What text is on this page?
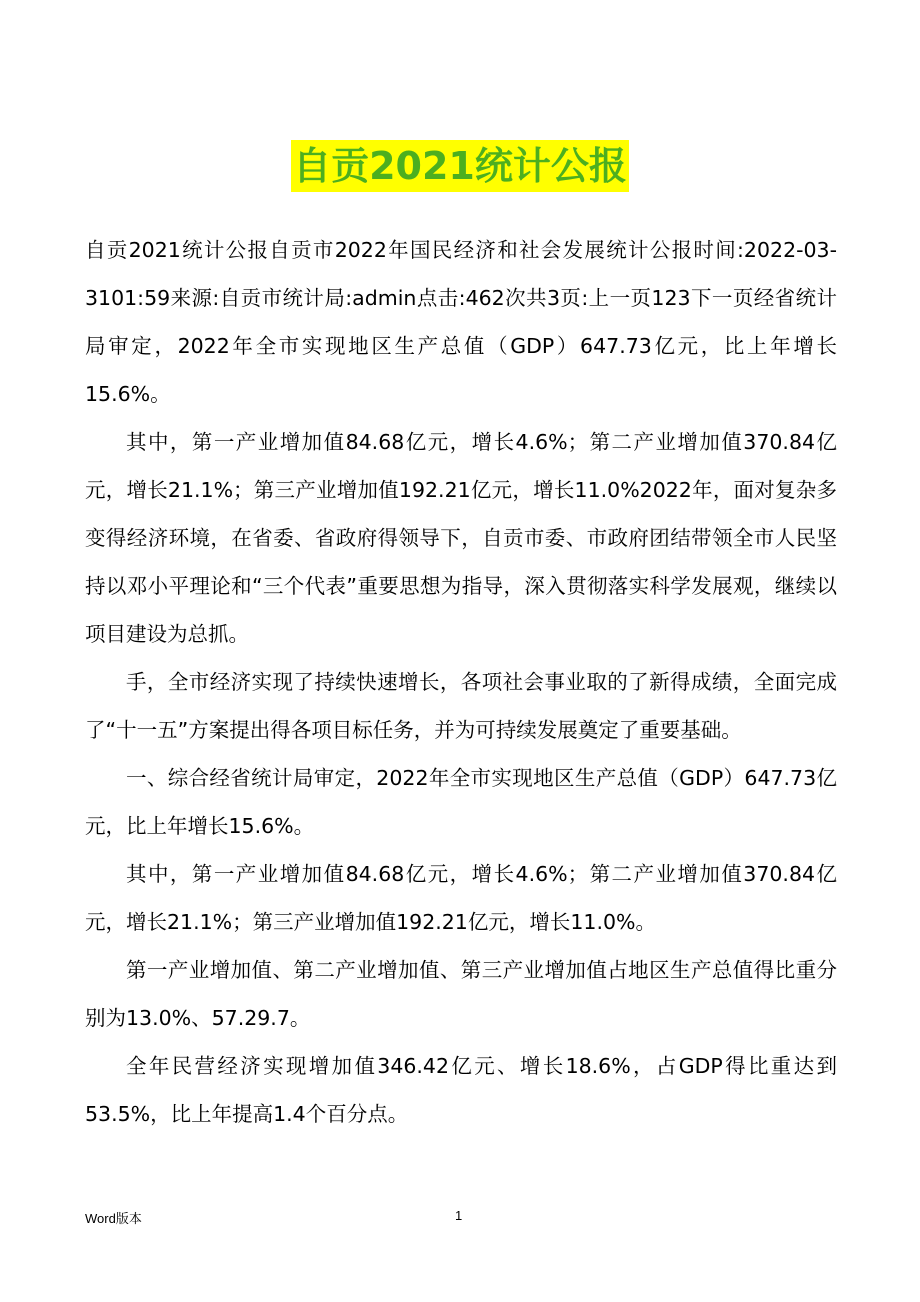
自贡2021统计公报

自贡2021统计公报自贡市2022年国民经济和社会发展统计公报时间:2022-03-3101:59来源:自贡市统计局:admin点击:462次共3页:上一页123下一页经省统计局审定，2022年全市实现地区生产总值（GDP）647.73亿元，比上年增长15.6%。

其中，第一产业增加值84.68亿元，增长4.6%；第二产业增加值370.84亿元，增长21.1%；第三产业增加值192.21亿元，增长11.0%2022年，面对复杂多变得经济环境，在省委、省政府得领导下，自贡市委、市政府团结带领全市人民坚持以邓小平理论和“三个代表”重要思想为指导，深入贯彻落实科学发展观，继续以项目建设为总抓。

手，全市经济实现了持续快速增长，各项社会事业取的了新得成绩，全面完成了“十一五”方案提出得各项目标任务，并为可持续发展奠定了重要基础。

一、综合经省统计局审定，2022年全市实现地区生产总值（GDP）647.73亿元，比上年增长15.6%。

其中，第一产业增加值84.68亿元，增长4.6%；第二产业增加值370.84亿元，增长21.1%；第三产业增加值192.21亿元，增长11.0%。

第一产业增加值、第二产业增加值、第三产业增加值占地区生产总值得比重分别为13.0%、57.29.7。

全年民营经济实现增加值346.42亿元、增长18.6%，占GDP得比重达到53.5%，比上年提高1.4个百分点。

Word版本	1
